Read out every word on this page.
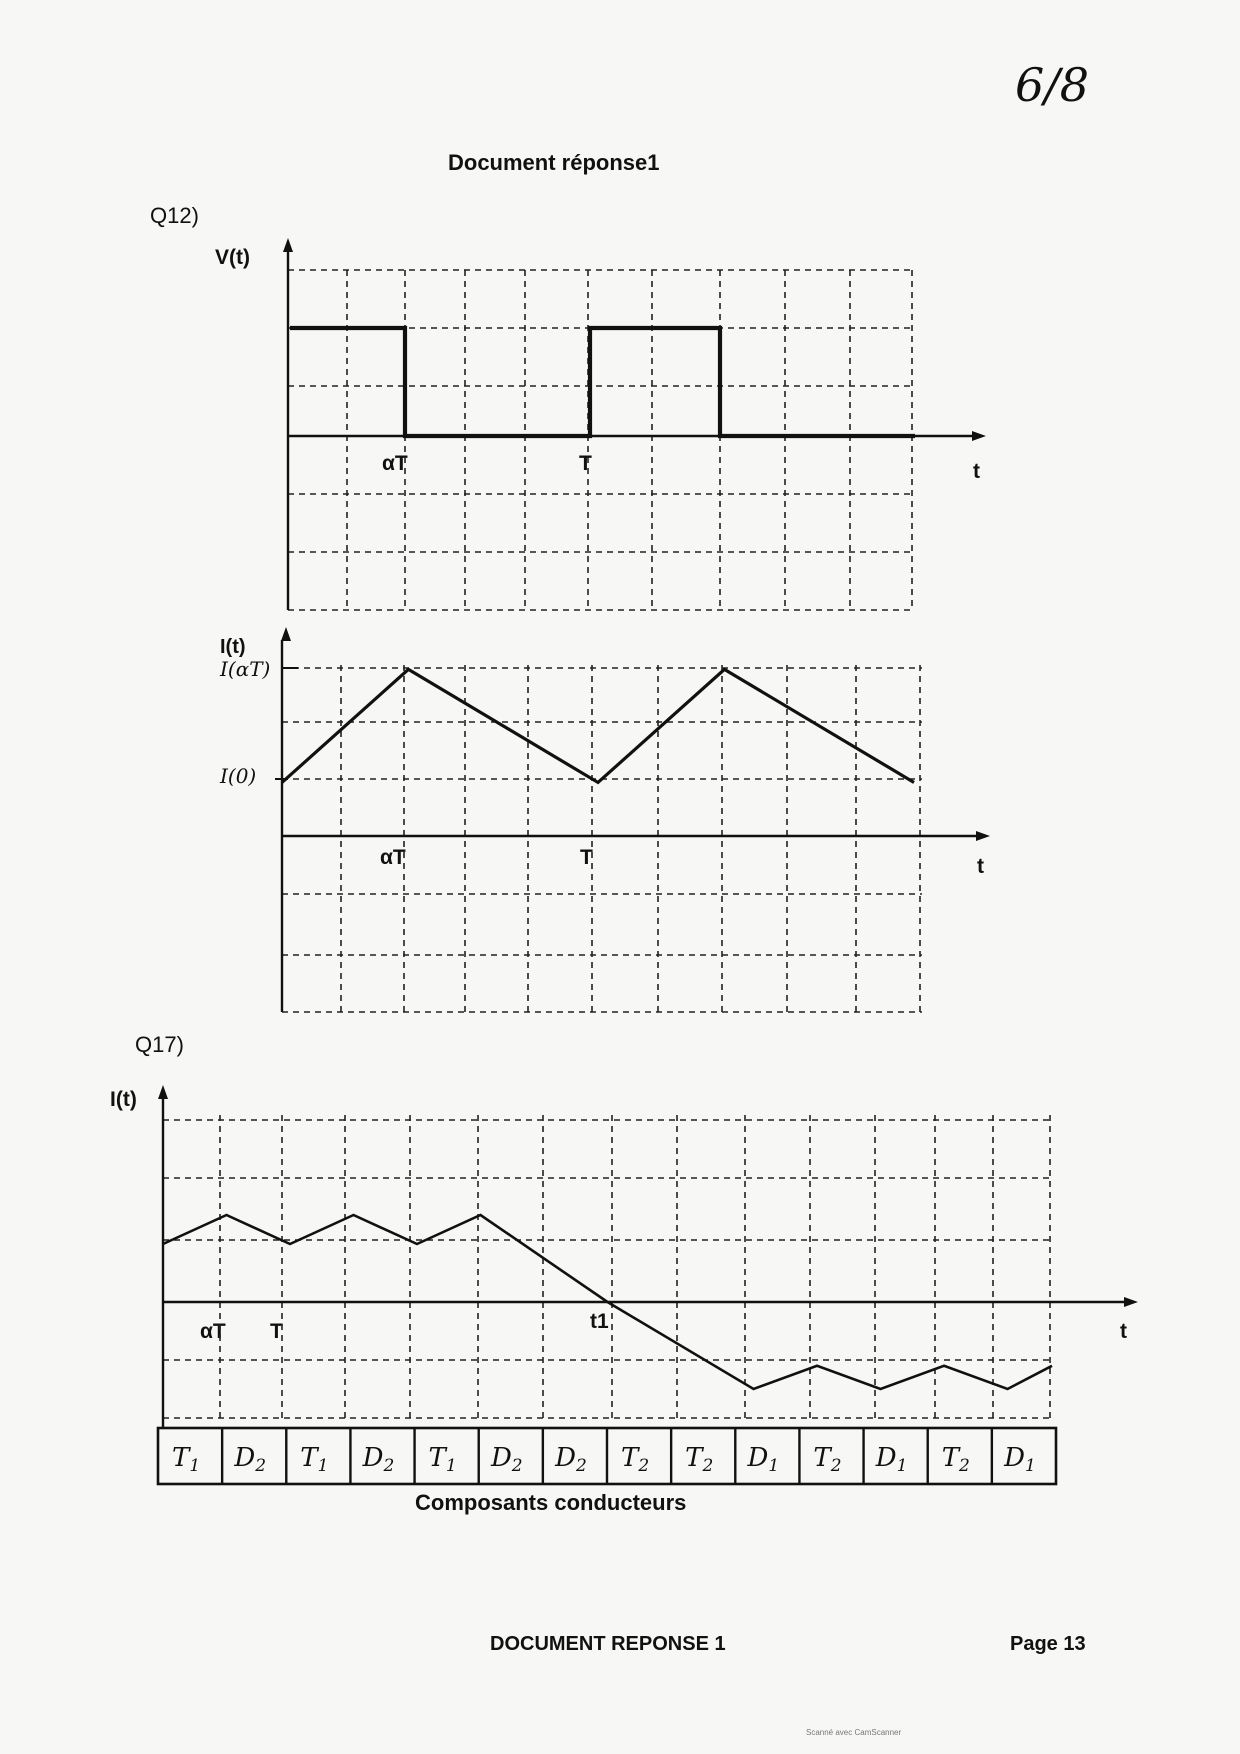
6/8
Document réponse1
Q12)
V(t)
αT	T	t
I(t)
I(αT)
I(0)
αT	T	t
Q17)
I(t)
αT T	t1	t
Composants conducteurs
DOCUMENT REPONSE 1	Page 13
Scanné avec CamScanner
T1 D2 T1 D2 T1 D2 D2 T2 T2 D1 T2 D1 T2 D1
